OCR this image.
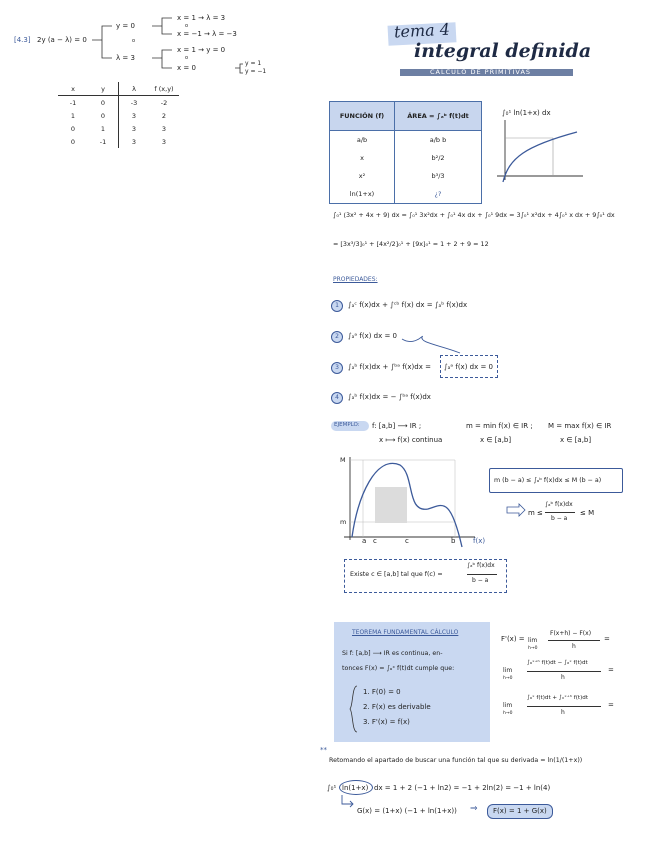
[4.3] 2y (a − λ) = 0
y = 0
x = 1 → λ = 3
o
x = −1 → λ = −3
o
λ = 3
x = 1 → y = 0
o
x = 0
y = 1
y = −1
x	y	λ	f (x,y)
-1	0	-3	-2
1	0	3	2
0	1	3	3
0	-1	3	3
tema 4
integral definida
CÁLCULO DE PRIMITIVAS
FUNCIÓN (f)	ÁREA = ∫ₐᵇ f(t)dt
a/b	a/b b
x	b²/2
x²	b³/3
ln(1+x)	¿?
∫₀¹ ln(1+x) dx
∫₀¹ (3x² + 4x + 9) dx = ∫₀¹ 3x²dx + ∫₀¹ 4x dx + ∫₀¹ 9dx = 3∫₀¹ x²dx + 4∫₀¹ x dx + 9∫₀¹ dx
= [3x³/3]₀¹ + [4x²/2]₀¹ + [9x]₀¹ = 1 + 2 + 9 = 12
PROPIEDADES:
1	∫ₐᶜ f(x)dx + ∫ᶜᵇ f(x) dx = ∫ₐᵇ f(x)dx
2	∫ₐᵃ f(x) dx = 0
3	∫ₐᵇ f(x)dx + ∫ᵇᵃ f(x)dx = ∫ₐᵃ f(x) dx = 0
4	∫ₐᵇ f(x)dx = − ∫ᵇᵃ f(x)dx
EJEMPLO: f: [a,b] ⟶ IR ;
x ⟼ f(x) continua
m = min f(x) ∈ IR ;
x ∈ [a,b]
M = max f(x) ∈ IR
x ∈ [a,b]
M
m
a c	c	b	f(x)
m (b − a) ≤ ∫ₐᵇ f(x)dx ≤ M (b − a)
m ≤
∫ₐᵇ f(x)dx
b − a
≤ M
Existe c ∈ [a,b] tal que f(c) =
∫ₐᵇ f(x)dx
b − a
TEOREMA FUNDAMENTAL CÁLCULO
Si f: [a,b] ⟶ IR es continua, en-
tonces F(x) = ∫ₐˣ f(t)dt cumple que:
1. F(0) = 0
2. F(x) es derivable
3. F'(x) = f(x)
F'(x) = lim
h→0
F(x+h) − F(x)
h
=
lim
h→0
∫ₐˣ⁺ʰ f(t)dt − ∫ₐˣ f(t)dt
h
=
lim
h→0
∫ₐˣ f(t)dt + ∫ₓˣ⁺ʰ f(t)dt
h
=
**
Retomando el apartado de buscar una función tal que su derivada = ln(1/(1+x))
∫₀¹ ln(1+x) dx = 1 + 2 (−1 + ln2) = −1 + 2ln(2) = −1 + ln(4)
G(x) = (1+x) (−1 + ln(1+x)) ⇒ F(x) = 1 + G(x)
